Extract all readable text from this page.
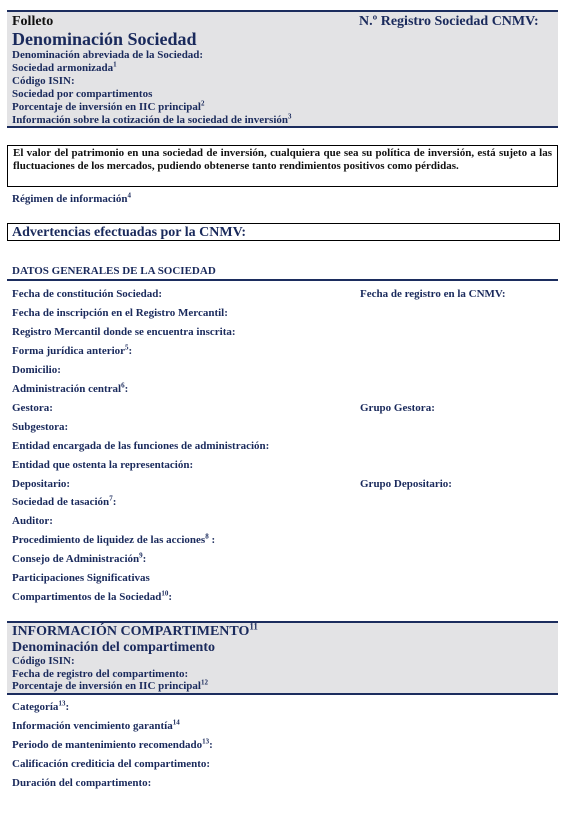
Folleto	N.º Registro Sociedad CNMV:
Denominación Sociedad
Denominación abreviada de la Sociedad:
Sociedad armonizada$^1$
Código ISIN:
Sociedad por compartimentos
Porcentaje de inversión en IIC principal$^2$
Información sobre la cotización de la sociedad de inversión$^3$
El valor del patrimonio en una sociedad de inversión, cualquiera que sea su política de inversión, está sujeto a las fluctuaciones de los mercados, pudiendo obtenerse tanto rendimientos positivos como pérdidas.
Régimen de información$^4$
Advertencias efectuadas por la CNMV:
DATOS GENERALES DE LA SOCIEDAD
Fecha de constitución Sociedad:	Fecha de registro en la CNMV:
Fecha de inscripción en el Registro Mercantil:
Registro Mercantil donde se encuentra inscrita:
Forma jurídica anterior$^5$:
Domicilio:
Administración central$^6$:
Gestora:	Grupo Gestora:
Subgestora:
Entidad encargada de las funciones de administración:
Entidad que ostenta la representación:
Depositario:	Grupo Depositario:
Sociedad de tasación$^7$:
Auditor:
Procedimiento de liquidez de las acciones$^8$ :
Consejo de Administración$^9$:
Participaciones Significativas
Compartimentos de la Sociedad$^{10}$:
INFORMACIÓN COMPARTIMENTO$^{11}$
Denominación del compartimento
Código ISIN:
Fecha de registro del compartimento:
Porcentaje de inversión en IIC principal$^{12}$
Categoría$^{13}$:
Información vencimiento garantía$^{14}$
Periodo de mantenimiento recomendado$^{13}$:
Calificación crediticia del compartimento:
Duración del compartimento:
